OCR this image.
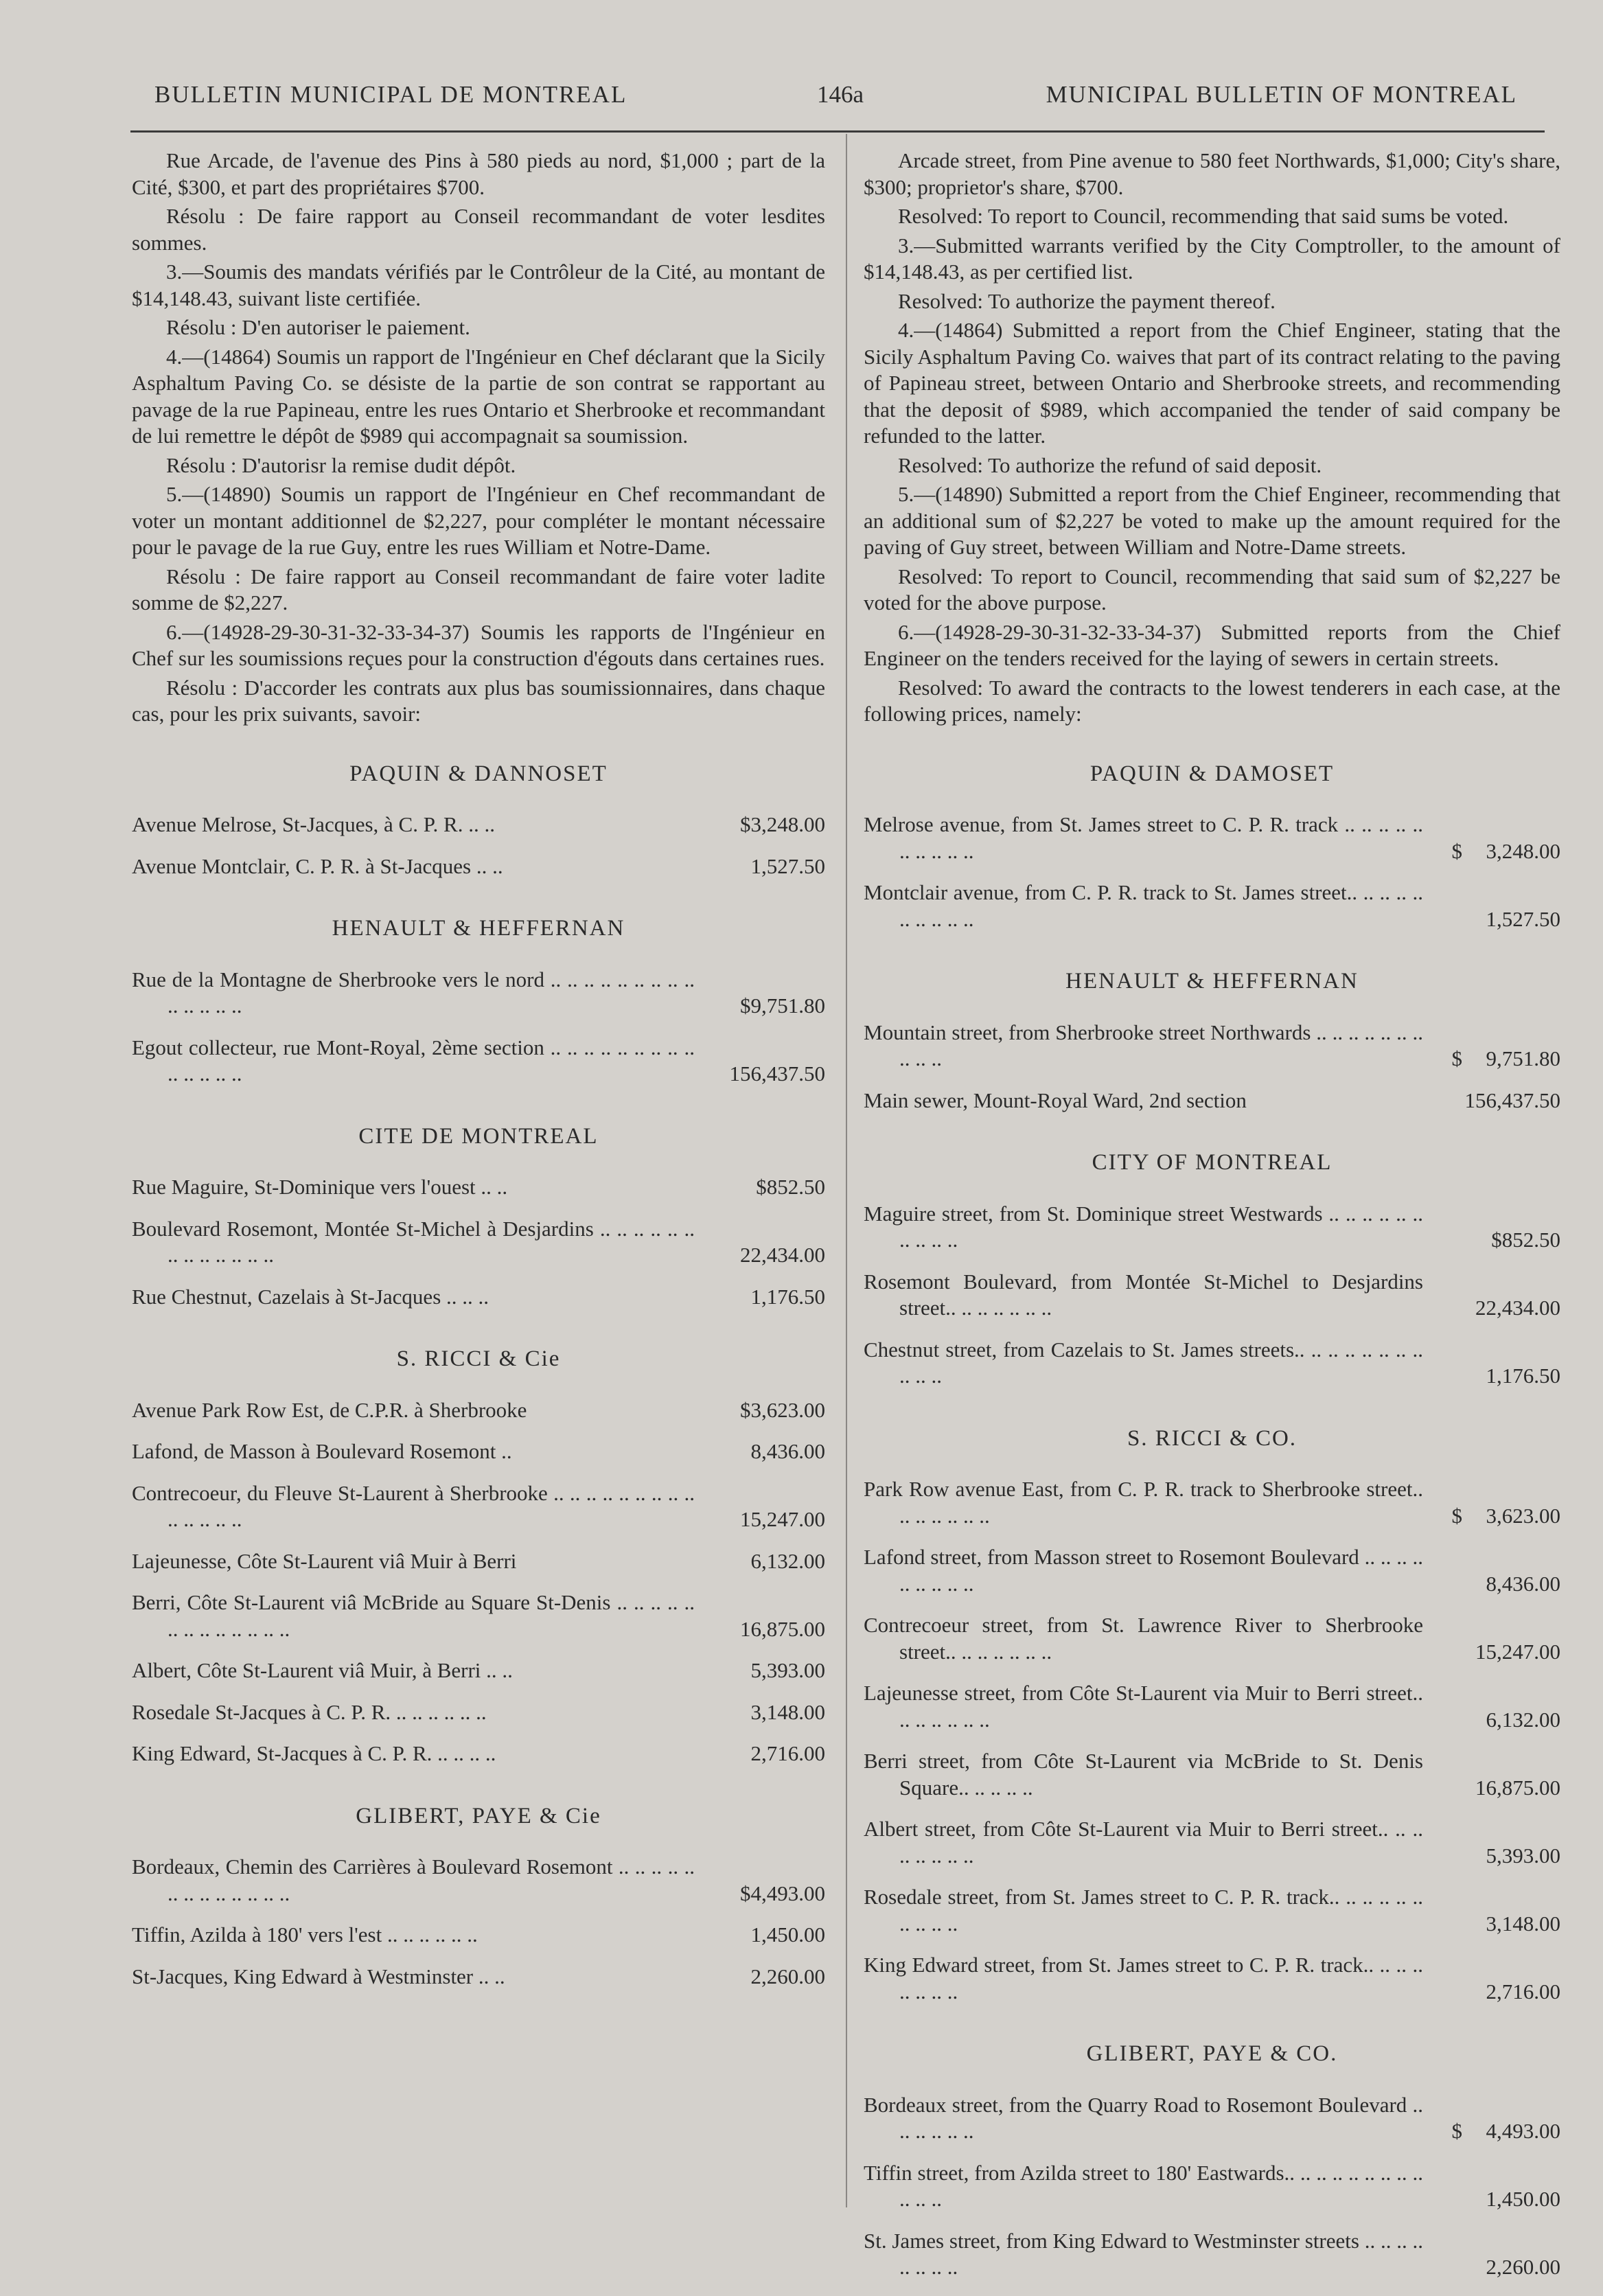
BULLETIN MUNICIPAL DE MONTREAL	146a	MUNICIPAL BULLETIN OF MONTREAL

Rue Arcade, de l'avenue des Pins à 580 pieds au nord, $1,000 ; part de la Cité, $300, et part des propriétaires $700.

Résolu : De faire rapport au Conseil recommandant de voter lesdites sommes.

3.—Soumis des mandats vérifiés par le Contrôleur de la Cité, au montant de $14,148.43, suivant liste certifiée.

Résolu : D'en autoriser le paiement.

4.—(14864) Soumis un rapport de l'Ingénieur en Chef déclarant que la Sicily Asphaltum Paving Co. se désiste de la partie de son contrat se rapportant au pavage de la rue Papineau, entre les rues Ontario et Sherbrooke et recommandant de lui remettre le dépôt de $989 qui accompagnait sa soumission.

Résolu : D'autorisr la remise dudit dépôt.

5.—(14890) Soumis un rapport de l'Ingénieur en Chef recommandant de voter un montant additionnel de $2,227, pour compléter le montant nécessaire pour le pavage de la rue Guy, entre les rues William et Notre-Dame.

Résolu : De faire rapport au Conseil recommandant de faire voter ladite somme de $2,227.

6.—(14928-29-30-31-32-33-34-37) Soumis les rapports de l'Ingénieur en Chef sur les soumissions reçues pour la construction d'égouts dans certaines rues.

Résolu : D'accorder les contrats aux plus bas soumissionnaires, dans chaque cas, pour les prix suivants, savoir:

PAQUIN & DANNOSET
Avenue Melrose, St-Jacques, à C. P. R. .. ..	$3,248.00
Avenue Montclair, C. P. R. à St-Jacques .. ..	1,527.50
HENAULT & HEFFERNAN
Rue de la Montagne de Sherbrooke vers le nord .. .. .. .. .. .. .. .. .. .. .. .. .. ..	$9,751.80
Egout collecteur, rue Mont-Royal, 2ème section .. .. .. .. .. .. .. .. .. .. .. .. .. ..	156,437.50
CITE DE MONTREAL
Rue Maguire, St-Dominique vers l'ouest .. ..	$852.50
Boulevard Rosemont, Montée St-Michel à Desjardins .. .. .. .. .. .. .. .. .. .. .. .. ..	22,434.00
Rue Chestnut, Cazelais à St-Jacques .. .. ..	1,176.50
S. RICCI & Cie
Avenue Park Row Est, de C.P.R. à Sherbrooke	$3,623.00
Lafond, de Masson à Boulevard Rosemont ..	8,436.00
Contrecoeur, du Fleuve St-Laurent à Sherbrooke .. .. .. .. .. .. .. .. .. .. .. .. .. ..	15,247.00
Lajeunesse, Côte St-Laurent viâ Muir à Berri	6,132.00
Berri, Côte St-Laurent viâ McBride au Square St-Denis .. .. .. .. .. .. .. .. .. .. .. .. ..	16,875.00
Albert, Côte St-Laurent viâ Muir, à Berri .. ..	5,393.00
Rosedale St-Jacques à C. P. R. .. .. .. .. .. ..	3,148.00
King Edward, St-Jacques à C. P. R. .. .. .. ..	2,716.00
GLIBERT, PAYE & Cie
Bordeaux, Chemin des Carrières à Boulevard Rosemont .. .. .. .. .. .. .. .. .. .. .. .. ..	$4,493.00
Tiffin, Azilda à 180' vers l'est .. .. .. .. .. ..	1,450.00
St-Jacques, King Edward à Westminster .. ..	2,260.00

Arcade street, from Pine avenue to 580 feet Northwards, $1,000; City's share, $300; proprietor's share, $700.

Resolved: To report to Council, recommending that said sums be voted.

3.—Submitted warrants verified by the City Comptroller, to the amount of $14,148.43, as per certified list.

Resolved: To authorize the payment thereof.

4.—(14864) Submitted a report from the Chief Engineer, stating that the Sicily Asphaltum Paving Co. waives that part of its contract relating to the paving of Papineau street, between Ontario and Sherbrooke streets, and recommending that the deposit of $989, which accompanied the tender of said company be refunded to the latter.

Resolved: To authorize the refund of said deposit.

5.—(14890) Submitted a report from the Chief Engineer, recommending that an additional sum of $2,227 be voted to make up the amount required for the paving of Guy street, between William and Notre-Dame streets.

Resolved: To report to Council, recommending that said sum of $2,227 be voted for the above purpose.

6.—(14928-29-30-31-32-33-34-37) Submitted reports from the Chief Engineer on the tenders received for the laying of sewers in certain streets.

Resolved: To award the contracts to the lowest tenderers in each case, at the following prices, namely:

PAQUIN & DAMOSET
Melrose avenue, from St. James street to C. P. R. track .. .. .. .. .. .. .. .. .. ..	$ 3,248.00
Montclair avenue, from C. P. R. track to St. James street.. .. .. .. .. .. .. .. .. ..	1,527.50
HENAULT & HEFFERNAN
Mountain street, from Sherbrooke street Northwards .. .. .. .. .. .. .. .. .. ..	$ 9,751.80
Main sewer, Mount-Royal Ward, 2nd section	156,437.50
CITY OF MONTREAL
Maguire street, from St. Dominique street Westwards .. .. .. .. .. .. .. .. .. ..	$852.50
Rosemont Boulevard, from Montée St-Michel to Desjardins street.. .. .. .. .. .. ..	22,434.00
Chestnut street, from Cazelais to St. James streets.. .. .. .. .. .. .. .. .. .. ..	1,176.50
S. RICCI & CO.
Park Row avenue East, from C. P. R. track to Sherbrooke street.. .. .. .. .. .. ..	$ 3,623.00
Lafond street, from Masson street to Rosemont Boulevard .. .. .. .. .. .. .. .. ..	8,436.00
Contrecoeur street, from St. Lawrence River to Sherbrooke street.. .. .. .. .. .. ..	15,247.00
Lajeunesse street, from Côte St-Laurent via Muir to Berri street.. .. .. .. .. .. ..	6,132.00
Berri street, from Côte St-Laurent via McBride to St. Denis Square.. .. .. .. ..	16,875.00
Albert street, from Côte St-Laurent via Muir to Berri street.. .. .. .. .. .. .. ..	5,393.00
Rosedale street, from St. James street to C. P. R. track.. .. .. .. .. .. .. .. .. ..	3,148.00
King Edward street, from St. James street to C. P. R. track.. .. .. .. .. .. .. ..	2,716.00
GLIBERT, PAYE & CO.
Bordeaux street, from the Quarry Road to Rosemont Boulevard .. .. .. .. .. ..	$ 4,493.00
Tiffin street, from Azilda street to 180' Eastwards.. .. .. .. .. .. .. .. .. .. .. ..	1,450.00
St. James street, from King Edward to Westminster streets .. .. .. .. .. .. .. ..	2,260.00
